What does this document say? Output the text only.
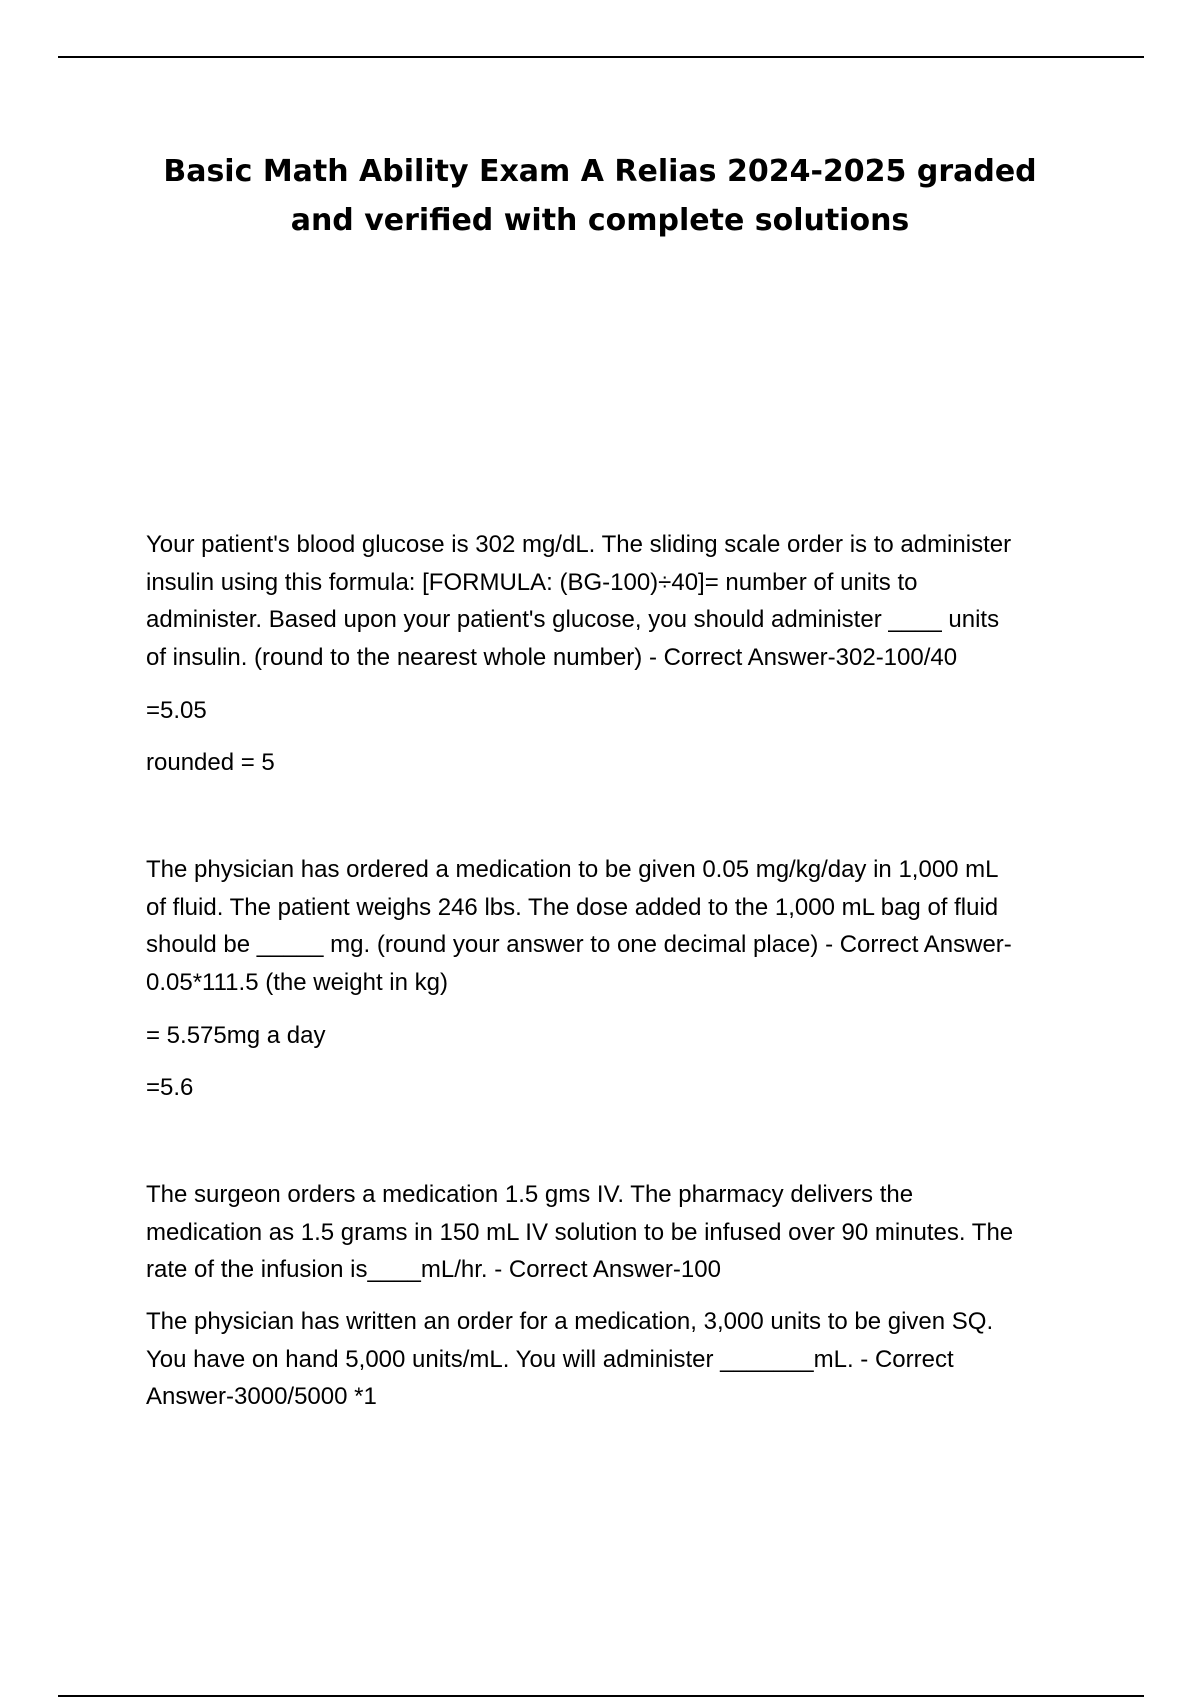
Basic Math Ability Exam A Relias 2024-2025 graded
and verified with complete solutions
Your patient's blood glucose is 302 mg/dL. The sliding scale order is to administer
insulin using this formula: [FORMULA: (BG-100)÷40]= number of units to
administer. Based upon your patient's glucose, you should administer ____ units
of insulin. (round to the nearest whole number) - Correct Answer-302-100/40

=5.05

rounded = 5

The physician has ordered a medication to be given 0.05 mg/kg/day in 1,000 mL
of fluid. The patient weighs 246 lbs. The dose added to the 1,000 mL bag of fluid
should be _____ mg. (round your answer to one decimal place) - Correct Answer-
0.05*111.5 (the weight in kg)

= 5.575mg a day

=5.6

The surgeon orders a medication 1.5 gms IV. The pharmacy delivers the
medication as 1.5 grams in 150 mL IV solution to be infused over 90 minutes. The
rate of the infusion is____mL/hr. - Correct Answer-100
The physician has written an order for a medication, 3,000 units to be given SQ.
You have on hand 5,000 units/mL. You will administer _______mL. - Correct
Answer-3000/5000 *1
